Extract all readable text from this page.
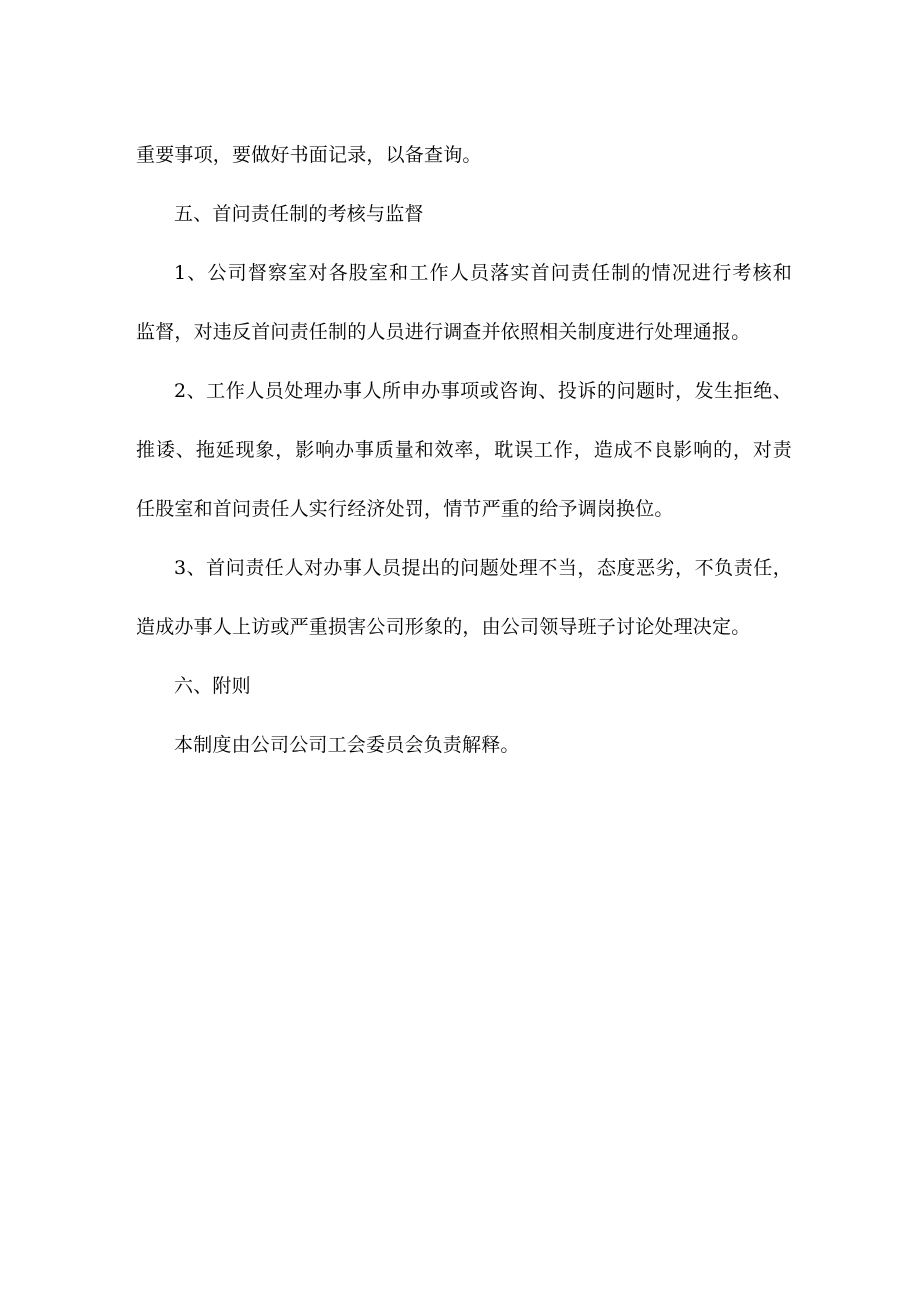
重要事项，要做好书面记录，以备查询。
五、首问责任制的考核与监督
1、公司督察室对各股室和工作人员落实首问责任制的情况进行考核和
监督，对违反首问责任制的人员进行调查并依照相关制度进行处理通报。
2、工作人员处理办事人所申办事项或咨询、投诉的问题时，发生拒绝、
推诿、拖延现象，影响办事质量和效率，耽误工作，造成不良影响的，对责
任股室和首问责任人实行经济处罚，情节严重的给予调岗换位。
3、首问责任人对办事人员提出的问题处理不当，态度恶劣，不负责任，
造成办事人上访或严重损害公司形象的，由公司领导班子讨论处理决定。
六、附则
本制度由公司公司工会委员会负责解释。
